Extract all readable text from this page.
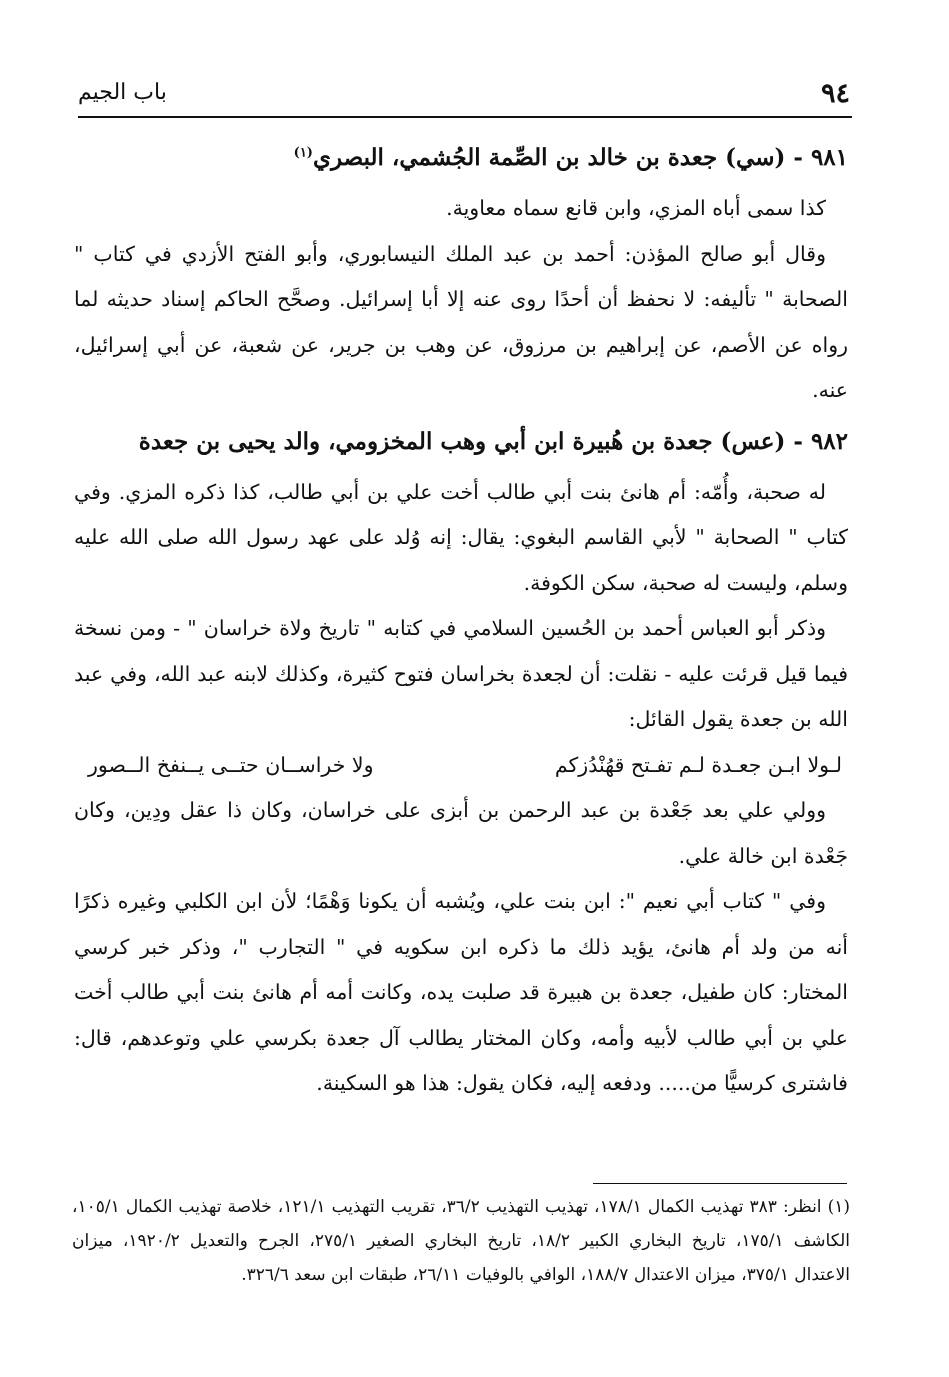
٩٤
باب الجيم

٩٨١ - (سي) جعدة بن خالد بن الصِّمة الجُشمي، البصري$^{(١)}$

كذا سمى أباه المزي، وابن قانع سماه معاوية.

وقال أبو صالح المؤذن: أحمد بن عبد الملك النيسابوري، وأبو الفتح الأزدي في كتاب " الصحابة " تأليفه: لا نحفظ أن أحدًا روى عنه إلا أبا إسرائيل. وصحَّح الحاكم إسناد حديثه لما رواه عن الأصم، عن إبراهيم بن مرزوق، عن وهب بن جرير، عن شعبة، عن أبي إسرائيل، عنه.

٩٨٢ - (عس) جعدة بن هُبيرة ابن أبي وهب المخزومي، والد يحيى بن جعدة

له صحبة، وأُمّه: أم هانئ بنت أبي طالب أخت علي بن أبي طالب، كذا ذكره المزي. وفي كتاب " الصحابة " لأبي القاسم البغوي: يقال: إنه وُلد على عهد رسول الله صلى الله عليه وسلم، وليست له صحبة، سكن الكوفة.

وذكر أبو العباس أحمد بن الحُسين السلامي في كتابه " تاريخ ولاة خراسان " - ومن نسخة فيما قيل قرئت عليه - نقلت: أن لجعدة بخراسان فتوح كثيرة، وكذلك لابنه عبد الله، وفي عبد الله بن جعدة يقول القائل:

لـولا ابـن جعـدة لـم تفـتح قهُنْدُزكم
ولا خراســان حتــى يــنفخ الــصور

وولي علي بعد جَعْدة بن عبد الرحمن بن أبزى على خراسان، وكان ذا عقل ودِين، وكان جَعْدة ابن خالة علي.

وفي " كتاب أبي نعيم ": ابن بنت علي، ويُشبه أن يكونا وَهْمًا؛ لأن ابن الكلبي وغيره ذكرًا أنه من ولد أم هانئ، يؤيد ذلك ما ذكره ابن سكويه في " التجارب "، وذكر خبر كرسي المختار: كان طفيل، جعدة بن هبيرة قد صلبت يده، وكانت أمه أم هانئ بنت أبي طالب أخت علي بن أبي طالب لأبيه وأمه، وكان المختار يطالب آل جعدة بكرسي علي وتوعدهم، قال: فاشترى كرسيًّا من..... ودفعه إليه، فكان يقول: هذا هو السكينة.

(١) انظر: ٣٨٣ تهذيب الكمال ١٧٨/١، تهذيب التهذيب ٣٦/٢، تقريب التهذيب ١٢١/١، خلاصة تهذيب الكمال ١٠٥/١، الكاشف ١٧٥/١، تاريخ البخاري الكبير ١٨/٢، تاريخ البخاري الصغير ٢٧٥/١، الجرح والتعديل ١٩٢٠/٢، ميزان الاعتدال ٣٧٥/١، ميزان الاعتدال ١٨٨/٧، الوافي بالوفيات ٢٦/١١، طبقات ابن سعد ٣٢٦/٦.
